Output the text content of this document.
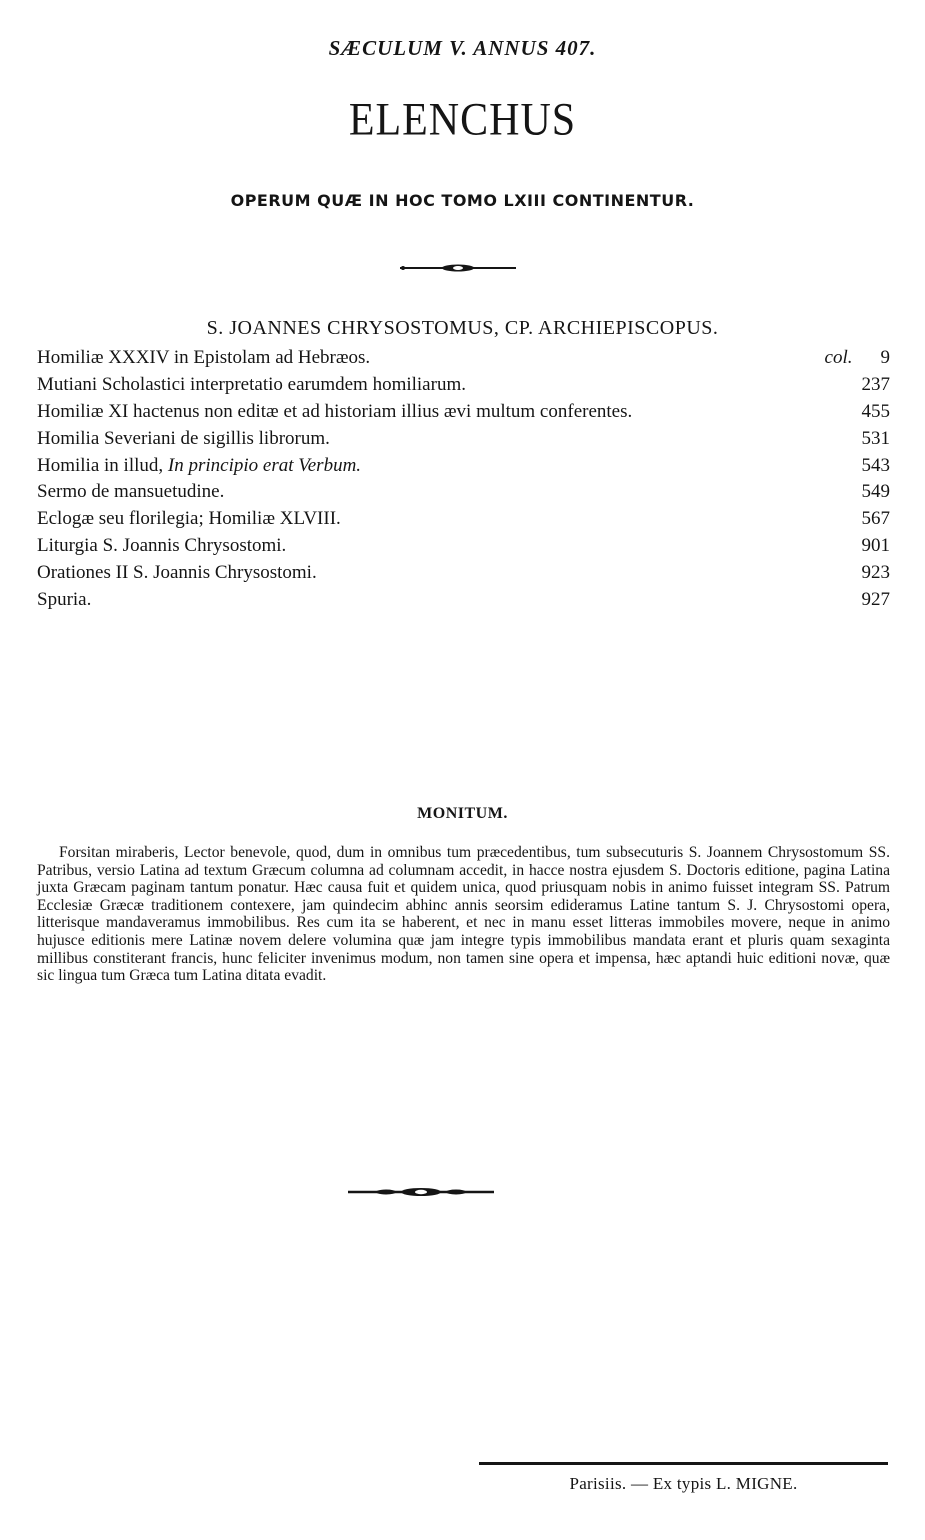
SÆCULUM V. ANNUS 407.
ELENCHUS
OPERUM QUÆ IN HOC TOMO LXIII CONTINENTUR.
S. JOANNES CHRYSOSTOMUS, CP. ARCHIEPISCOPUS.
Homiliæ XXXIV in Epistolam ad Hebræos.	col. 9
Mutiani Scholastici interpretatio earumdem homiliarum.	237
Homiliæ XI hactenus non editæ et ad historiam illius ævi multum conferentes.	455
Homilia Severiani de sigillis librorum.	531
Homilia in illud, In principio erat Verbum.	543
Sermo de mansuetudine.	549
Eclogæ seu florilegia; Homiliæ XLVIII.	567
Liturgia S. Joannis Chrysostomi.	901
Orationes II S. Joannis Chrysostomi.	923
Spuria.	927
MONITUM.

Forsitan miraberis, Lector benevole, quod, dum in omnibus tum præcedentibus, tum subsecuturis S. Joannem Chrysostomum SS. Patribus, versio Latina ad textum Græcum columna ad columnam accedit, in hacce nostra ejusdem S. Doctoris editione, pagina Latina juxta Græcam paginam tantum ponatur. Hæc causa fuit et quidem unica, quod priusquam nobis in animo fuisset integram SS. Patrum Ecclesiæ Græcæ traditionem contexere, jam quindecim abhinc annis seorsim edideramus Latine tantum S. J. Chrysostomi opera, litterisque mandaveramus immobilibus. Res cum ita se haberent, et nec in manu esset litteras immobiles movere, neque in animo hujusce editionis mere Latinæ novem delere volumina quæ jam integre typis immobilibus mandata erant et pluris quam sexaginta millibus constiterant francis, hunc feliciter invenimus modum, non tamen sine opera et impensa, hæc aptandi huic editioni novæ, quæ sic lingua tum Græca tum Latina ditata evadit.

Parisiis. — Ex typis L. MIGNE.
